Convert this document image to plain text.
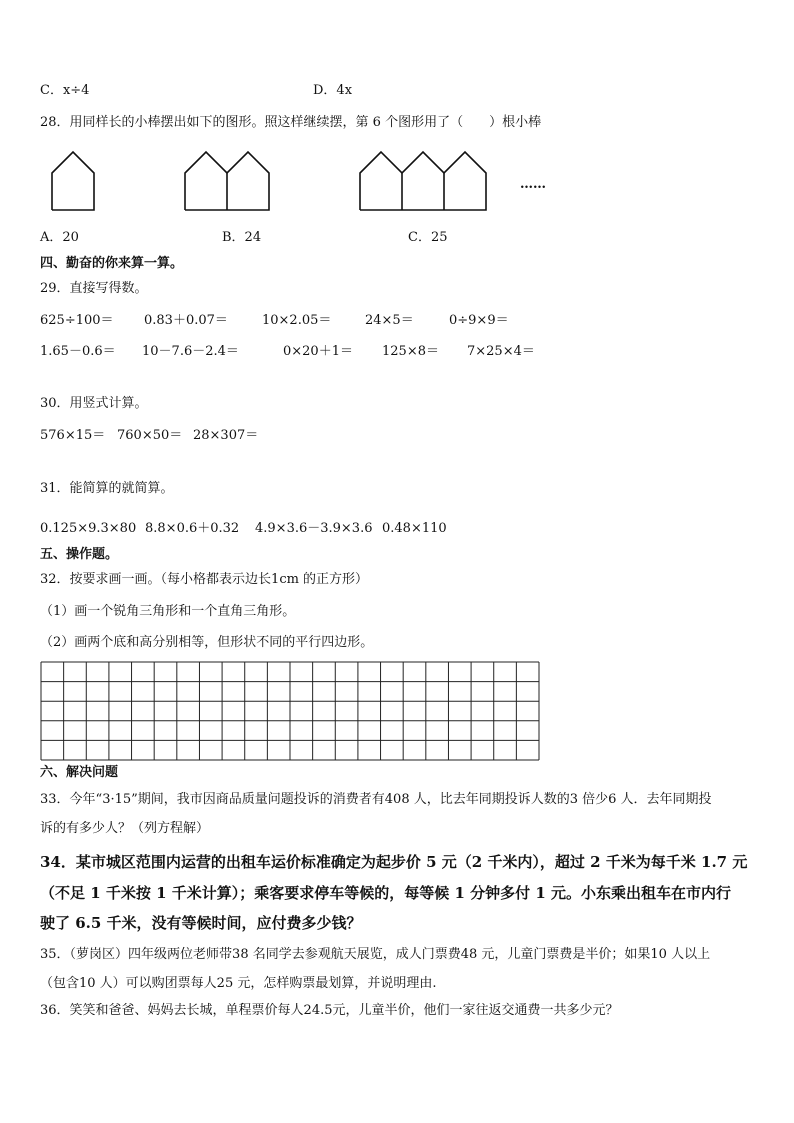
C．x÷4	D．4x
28．用同样长的小棒摆出如下的图形。照这样继续摆，第 6 个图形用了（　　）根小棒
……
A．20	B．24	C．25
四、勤奋的你来算一算。
29．直接写得数。
625÷100＝ 0.83＋0.07＝	10×2.05＝	24×5＝	0÷9×9＝
1.65－0.6＝ 10－7.6－2.4＝	0×20＋1＝ 125×8＝ 7×25×4＝
30．用竖式计算。
576×15＝ 760×50＝ 28×307＝
31．能简算的就简算。
0.125×9.3×80 8.8×0.6＋0.32 4.9×3.6－3.9×3.6 0.48×110
五、操作题。
32．按要求画一画。（每小格都表示边长1cm 的正方形）
（1）画一个锐角三角形和一个直角三角形。
（2）画两个底和高分别相等，但形状不同的平行四边形。
六、解决问题
33．今年“3·15”期间，我市因商品质量问题投诉的消费者有408 人，比去年同期投诉人数的3 倍少6 人．去年同期投
诉的有多少人？（列方程解）
34．某市城区范围内运营的出租车运价标准确定为起步价 5 元（2 千米内），超过 2 千米为每千米 1.7 元
（不足 1 千米按 1 千米计算）；乘客要求停车等候的，每等候 1 分钟多付 1 元。小东乘出租车在市内行
驶了 6.5 千米，没有等候时间，应付费多少钱？
35．（萝岗区）四年级两位老师带38 名同学去参观航天展览，成人门票费48 元，儿童门票费是半价；如果10 人以上
（包含10 人）可以购团票每人25 元，怎样购票最划算，并说明理由.
36．笑笑和爸爸、妈妈去长城，单程票价每人24.5元，儿童半价，他们一家往返交通费一共多少元？
